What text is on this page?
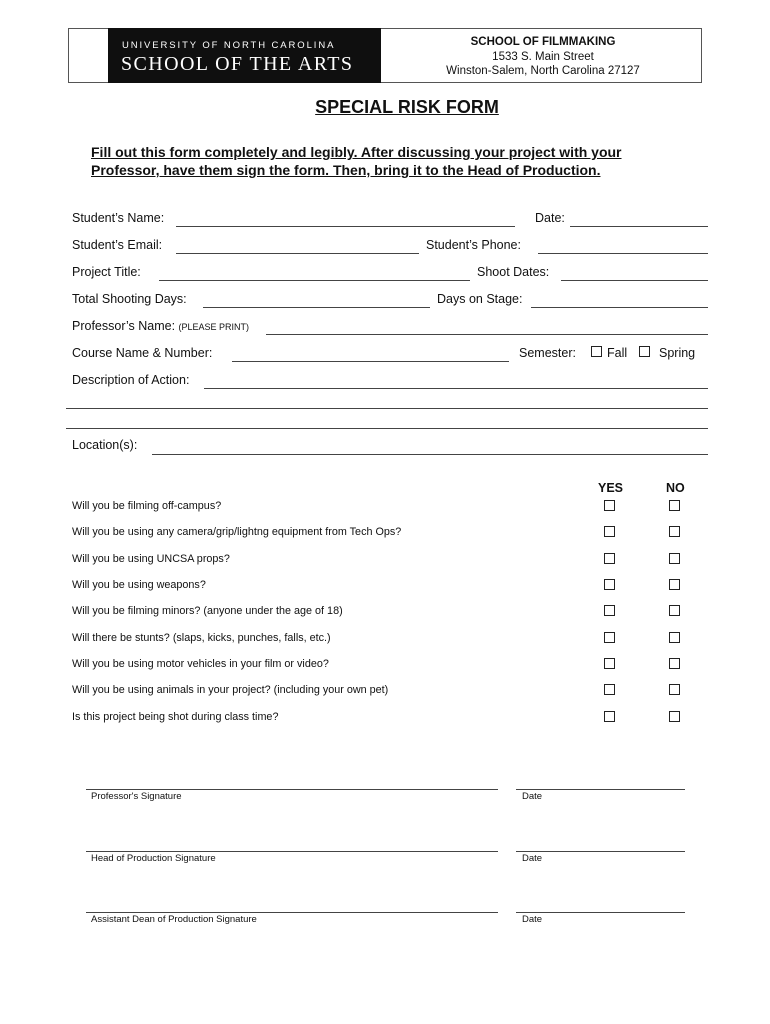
UNIVERSITY OF NORTH CAROLINA
SCHOOL OF THE ARTS
SCHOOL OF FILMMAKING
1533 S. Main Street
Winston-Salem, North Carolina 27127
SPECIAL RISK FORM
Fill out this form completely and legibly. After discussing your project with your Professor, have them sign the form. Then, bring it to the Head of Production.
Student’s Name:	Date:
Student’s Email:	Student’s Phone:
Project Title:	Shoot Dates:
Total Shooting Days:	Days on Stage:
Professor’s Name: (PLEASE PRINT)
Course Name & Number:	Semester: Fall	Spring
Description of Action:
Location(s):
YES	NO
Will you be filming off-campus?
Will you be using any camera/grip/lightng equipment from Tech Ops?
Will you be using UNCSA props?
Will you be using weapons?
Will you be filming minors? (anyone under the age of 18)
Will there be stunts? (slaps, kicks, punches, falls, etc.)
Will you be using motor vehicles in your film or video?
Will you be using animals in your project? (including your own pet)
Is this project being shot during class time?
Professor's Signature	Date
Head of Production Signature	Date
Assistant Dean of Production Signature	Date
